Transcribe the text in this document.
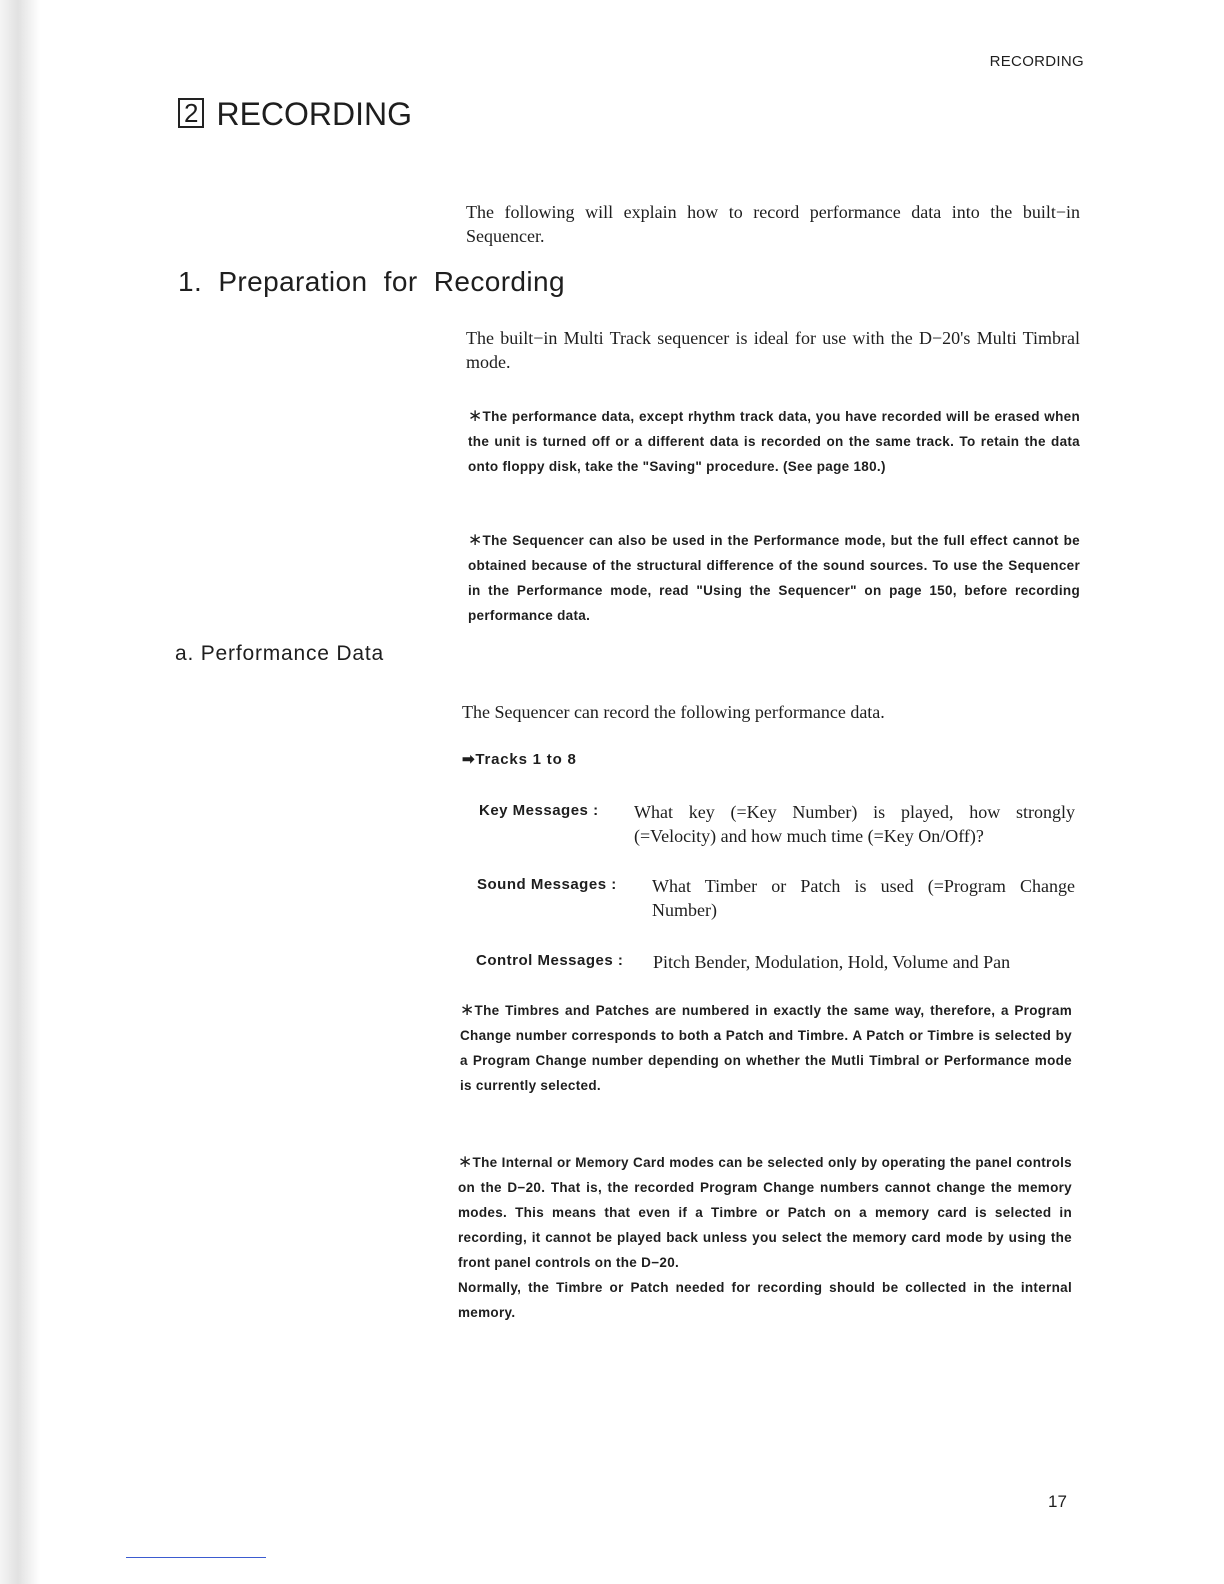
RECORDING
2 RECORDING

The following will explain how to record performance data into the built−in Sequencer.

1. Preparation for Recording

The built−in Multi Track sequencer is ideal for use with the D−20's Multi Timbral mode.

∗The performance data, except rhythm track data, you have recorded will be erased when the unit is turned off or a different data is recorded on the same track. To retain the data onto floppy disk, take the "Saving" procedure. (See page 180.)
∗The Sequencer can also be used in the Performance mode, but the full effect cannot be obtained because of the structural difference of the sound sources. To use the Sequencer in the Performance mode, read "Using the Sequencer" on page 150, before recording performance data.
a. Performance Data

The Sequencer can record the following performance data.

➡Tracks 1 to 8
Key Messages :	What key (=Key Number) is played, how strongly (=Velocity) and how much time (=Key On/Off)?
Sound Messages :	What Timber or Patch is used (=Program Change Number)
Control Messages :	Pitch Bender, Modulation, Hold, Volume and Pan
∗The Timbres and Patches are numbered in exactly the same way, therefore, a Program Change number corresponds to both a Patch and Timbre. A Patch or Timbre is selected by a Program Change number depending on whether the Mutli Timbral or Performance mode is currently selected.
∗The Internal or Memory Card modes can be selected only by operating the panel controls on the D−20. That is, the recorded Program Change numbers cannot change the memory modes. This means that even if a Timbre or Patch on a memory card is selected in recording, it cannot be played back unless you select the memory card mode by using the front panel controls on the D−20.
Normally, the Timbre or Patch needed for recording should be collected in the internal memory.
17
